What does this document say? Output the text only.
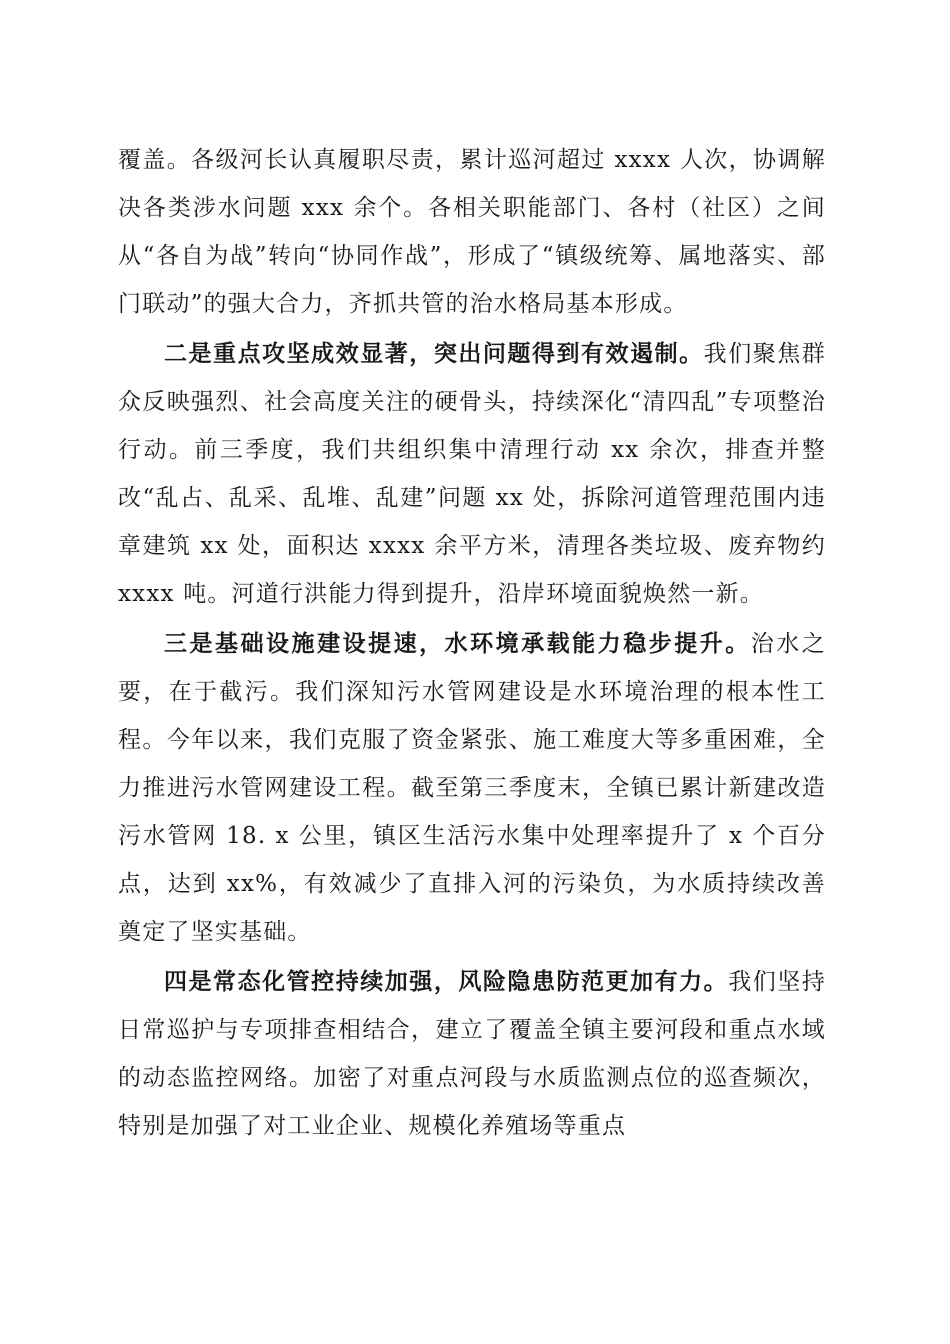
覆盖。各级河长认真履职尽责，累计巡河超过 xxxx 人次，协调解决各类涉水问题 xxx 余个。各相关职能部门、各村（社区）之间从“各自为战”转向“协同作战”，形成了“镇级统筹、属地落实、部门联动”的强大合力，齐抓共管的治水格局基本形成。

二是重点攻坚成效显著，突出问题得到有效遏制。我们聚焦群众反映强烈、社会高度关注的硬骨头，持续深化“清四乱”专项整治行动。前三季度，我们共组织集中清理行动 xx 余次，排查并整改“乱占、乱采、乱堆、乱建”问题 xx 处，拆除河道管理范围内违章建筑 xx 处，面积达 xxxx 余平方米，清理各类垃圾、废弃物约 xxxx 吨。河道行洪能力得到提升，沿岸环境面貌焕然一新。

三是基础设施建设提速，水环境承载能力稳步提升。治水之要，在于截污。我们深知污水管网建设是水环境治理的根本性工程。今年以来，我们克服了资金紧张、施工难度大等多重困难，全力推进污水管网建设工程。截至第三季度末，全镇已累计新建改造污水管网 18. x 公里，镇区生活污水集中处理率提升了 x 个百分点，达到 xx%，有效减少了直排入河的污染负，为水质持续改善奠定了坚实基础。

四是常态化管控持续加强，风险隐患防范更加有力。我们坚持日常巡护与专项排查相结合，建立了覆盖全镇主要河段和重点水域的动态监控网络。加密了对重点河段与水质监测点位的巡查频次，特别是加强了对工业企业、规模化养殖场等重点
